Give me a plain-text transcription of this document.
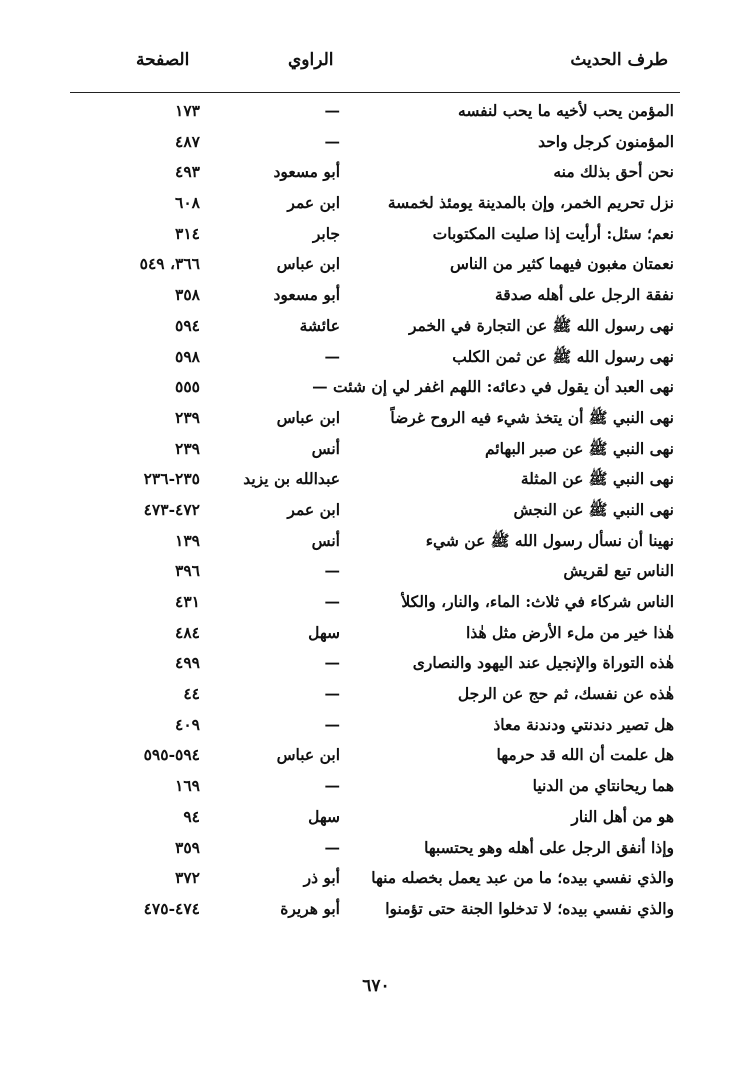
طرف الحديث
الراوي
الصفحة
المؤمن يحب لأخيه ما يحب لنفسه
—
١٧٣
المؤمنون كرجل واحد
—
٤٨٧
نحن أحق بذلك منه
أبو مسعود
٤٩٣
نزل تحريم الخمر، وإن بالمدينة يومئذ لخمسة
ابن عمر
٦٠٨
نعم؛ سئل: أرأيت إذا صليت المكتوبات
جابر
٣١٤
نعمتان مغبون فيهما كثير من الناس
ابن عباس
٣٦٦، ٥٤٩
نفقة الرجل على أهله صدقة
أبو مسعود
٣٥٨
نهى رسول الله ﷺ عن التجارة في الخمر
عائشة
٥٩٤
نهى رسول الله ﷺ عن ثمن الكلب
—
٥٩٨
نهى العبد أن يقول في دعائه: اللهم اغفر لي إن شئت —
٥٥٥
نهى النبي ﷺ أن يتخذ شيء فيه الروح غرضاً
ابن عباس
٢٣٩
نهى النبي ﷺ عن صبر البهائم
أنس
٢٣٩
نهى النبي ﷺ عن المثلة
عبدالله بن يزيد
٢٣٥-٢٣٦
نهى النبي ﷺ عن النجش
ابن عمر
٤٧٢-٤٧٣
نهينا أن نسأل رسول الله ﷺ عن شيء
أنس
١٣٩
الناس تبع لقريش
—
٣٩٦
الناس شركاء في ثلاث: الماء، والنار، والكلأ
—
٤٣١
هٰذا خير من ملء الأرض مثل هٰذا
سهل
٤٨٤
هٰذه التوراة والإنجيل عند اليهود والنصارى
—
٤٩٩
هٰذه عن نفسك، ثم حج عن الرجل
—
٤٤
هل تصير دندنتي ودندنة معاذ
—
٤٠٩
هل علمت أن الله قد حرمها
ابن عباس
٥٩٤-٥٩٥
هما ريحانتاي من الدنيا
—
١٦٩
هو من أهل النار
سهل
٩٤
وإذا أنفق الرجل على أهله وهو يحتسبها
—
٣٥٩
والذي نفسي بيده؛ ما من عبد يعمل بخصله منها
أبو ذر
٣٧٢
والذي نفسي بيده؛ لا تدخلوا الجنة حتى تؤمنوا
أبو هريرة
٤٧٤-٤٧٥
٦٧٠
